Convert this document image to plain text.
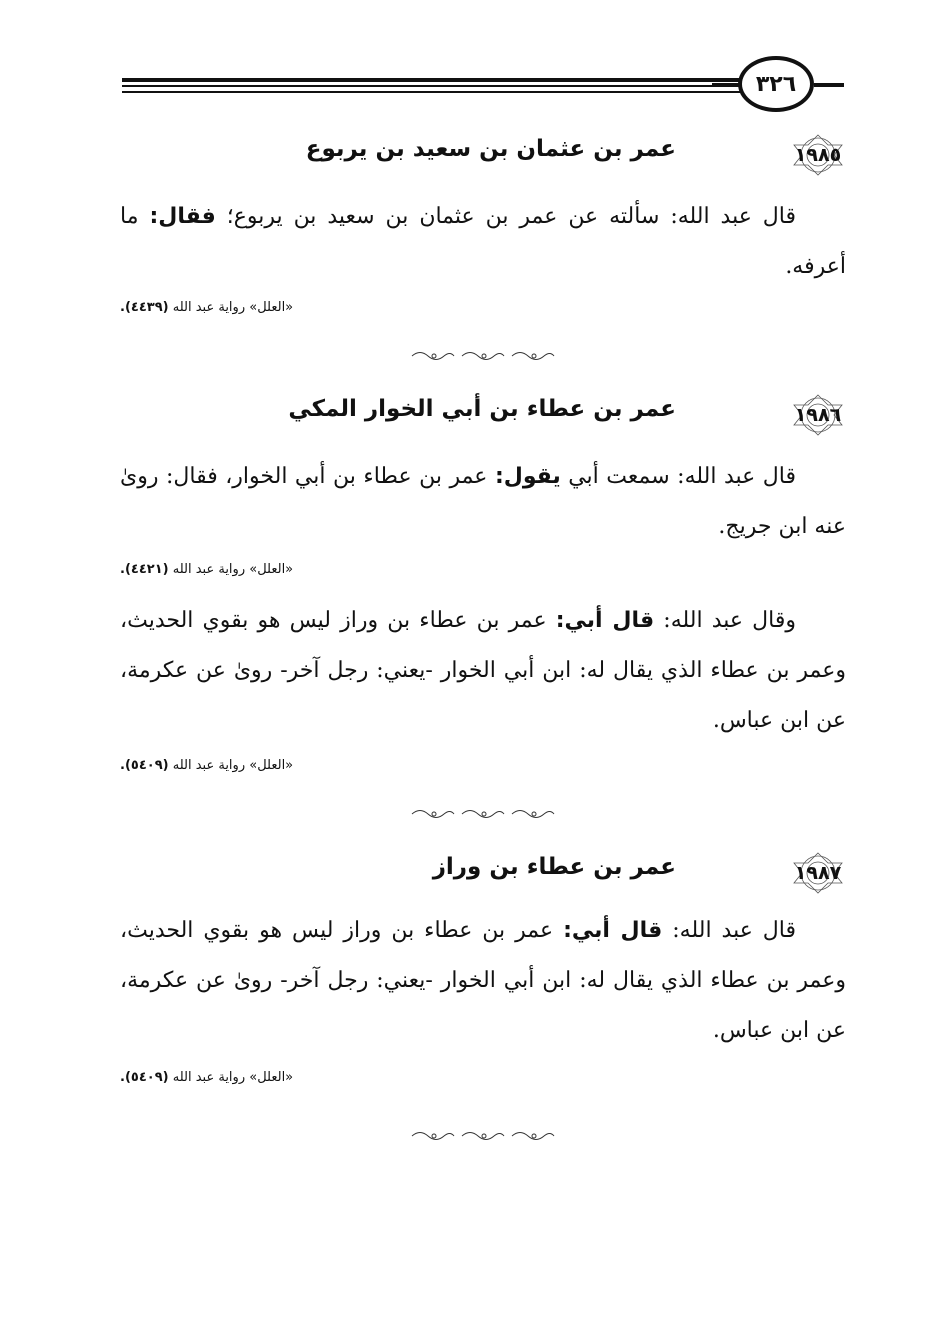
٣٢٦
١٩٨٥
عمر بن عثمان بن سعيد بن يربوع

قال عبد الله: سألته عن عمر بن عثمان بن سعيد بن يربوع؛ فقال: ما أعرفه.

«العلل» رواية عبد الله (٤٤٣٩).
١٩٨٦
عمر بن عطاء بن أبي الخوار المكي

قال عبد الله: سمعت أبي يقول: عمر بن عطاء بن أبي الخوار، فقال: رویٰ عنه ابن جريج.

«العلل» رواية عبد الله (٤٤٢١).

وقال عبد الله: قال أبي: عمر بن عطاء بن وراز ليس هو بقوي الحديث، وعمر بن عطاء الذي يقال له: ابن أبي الخوار -يعني: رجل آخر- رویٰ عن عكرمة، عن ابن عباس.

«العلل» رواية عبد الله (٥٤٠٩).
١٩٨٧
عمر بن عطاء بن وراز

قال عبد الله: قال أبي: عمر بن عطاء بن وراز ليس هو بقوي الحديث، وعمر بن عطاء الذي يقال له: ابن أبي الخوار -يعني: رجل آخر- رویٰ عن عكرمة، عن ابن عباس.

«العلل» رواية عبد الله (٥٤٠٩).
